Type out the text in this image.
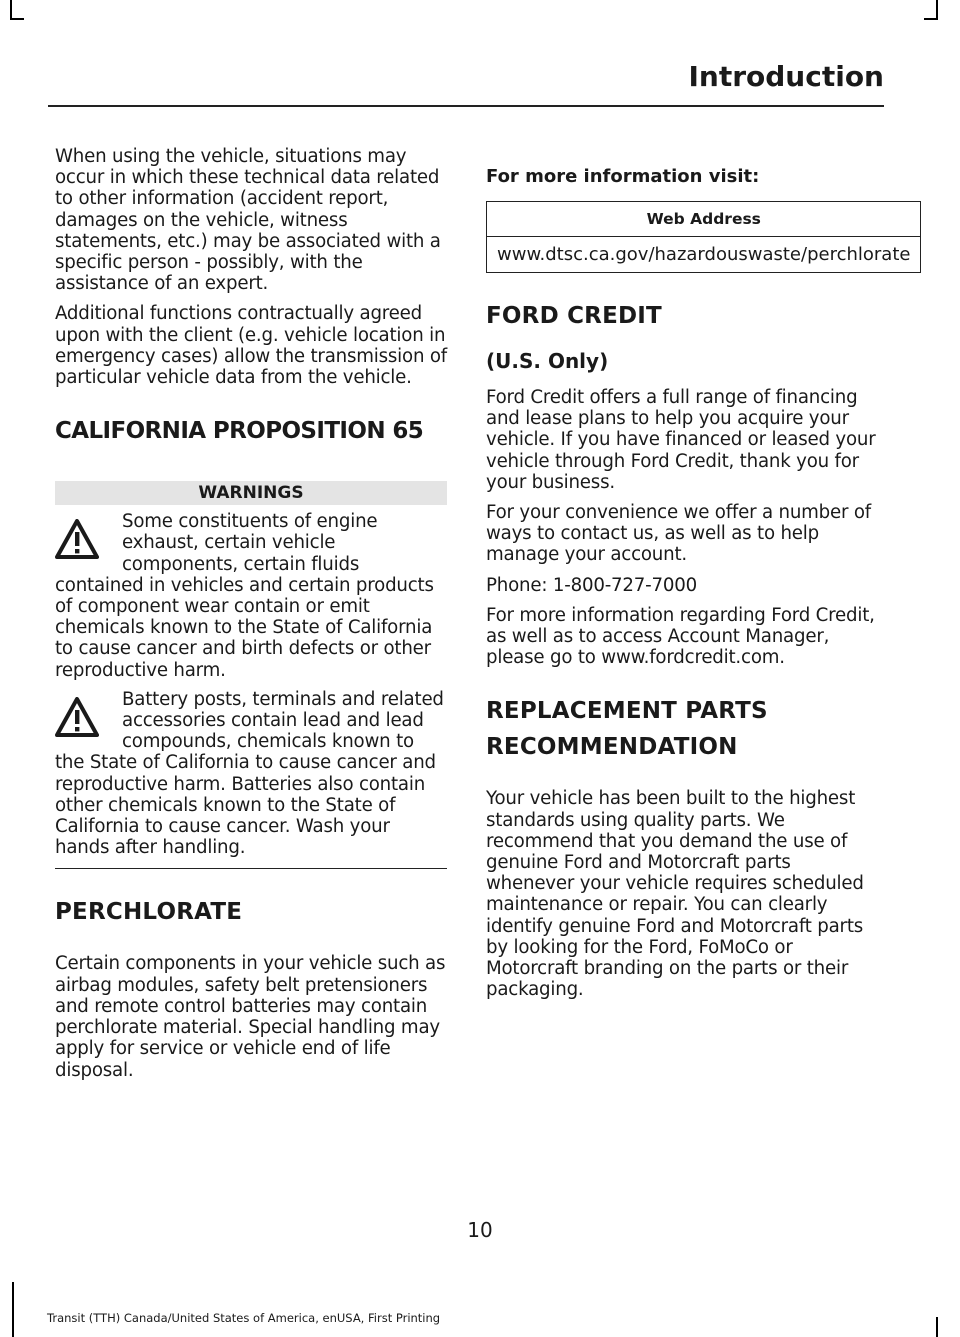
Introduction

When using the vehicle, situations may occur in which these technical data related to other information (accident report, damages on the vehicle, witness statements, etc.) may be associated with a specific person - possibly, with the assistance of an expert.

Additional functions contractually agreed upon with the client (e.g. vehicle location in emergency cases) allow the transmission of particular vehicle data from the vehicle.

CALIFORNIA PROPOSITION 65
WARNINGS

Some constituents of engine exhaust, certain vehicle components, certain fluids contained in vehicles and certain products of component wear contain or emit chemicals known to the State of California to cause cancer and birth defects or other reproductive harm.

Battery posts, terminals and related accessories contain lead and lead compounds, chemicals known to the State of California to cause cancer and reproductive harm. Batteries also contain other chemicals known to the State of California to cause cancer. Wash your hands after handling.

PERCHLORATE

Certain components in your vehicle such as airbag modules, safety belt pretensioners and remote control batteries may contain perchlorate material. Special handling may apply for service or vehicle end of life disposal.

For more information visit:
Web Address
www.dtsc.ca.gov/hazardouswaste/perchlorate
FORD CREDIT
(U.S. Only)

Ford Credit offers a full range of financing and lease plans to help you acquire your vehicle. If you have financed or leased your vehicle through Ford Credit, thank you for your business.

For your convenience we offer a number of ways to contact us, as well as to help manage your account.

Phone: 1-800-727-7000

For more information regarding Ford Credit, as well as to access Account Manager, please go to www.fordcredit.com.

REPLACEMENT PARTS
RECOMMENDATION

Your vehicle has been built to the highest standards using quality parts. We recommend that you demand the use of genuine Ford and Motorcraft parts whenever your vehicle requires scheduled maintenance or repair. You can clearly identify genuine Ford and Motorcraft parts by looking for the Ford, FoMoCo or Motorcraft branding on the parts or their packaging.

10
Transit (TTH) Canada/United States of America, enUSA, First Printing
